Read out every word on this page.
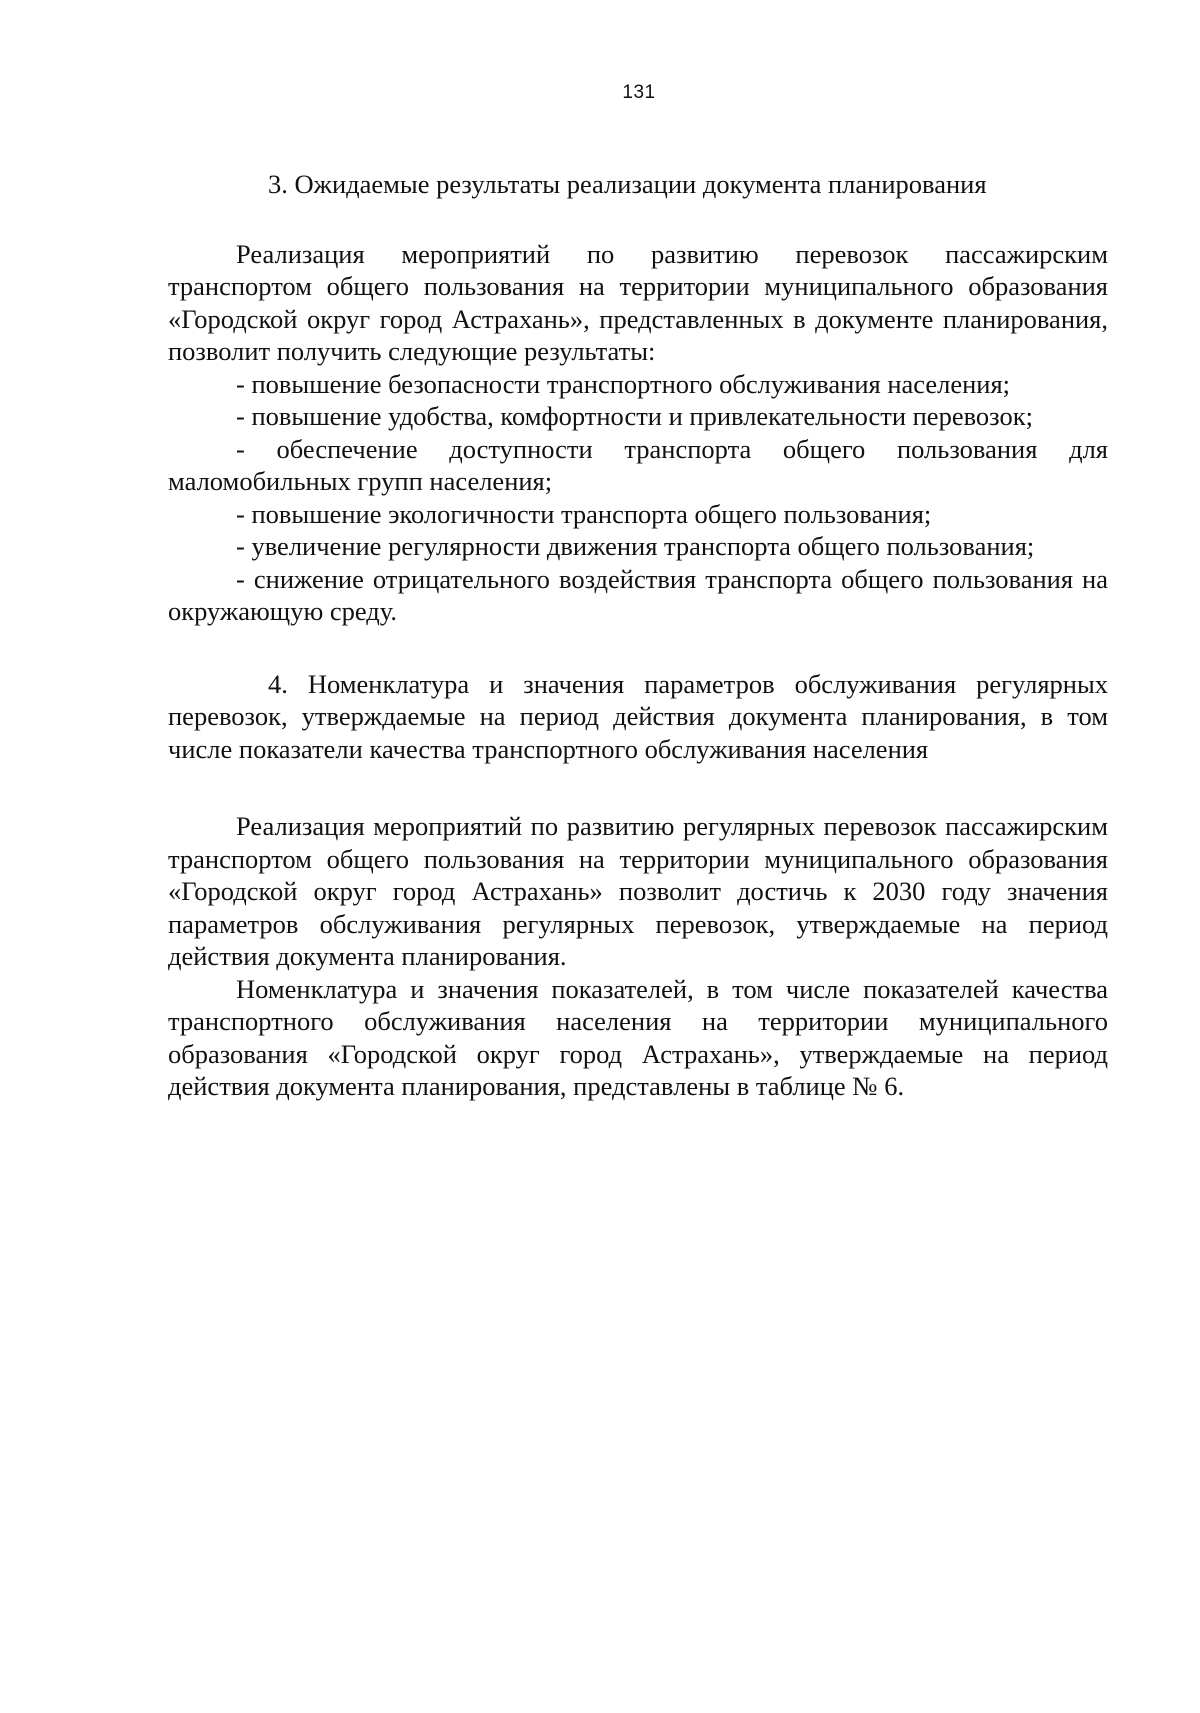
131
3. Ожидаемые результаты реализации документа планирования

Реализация мероприятий по развитию перевозок пассажирским транспортом общего пользования на территории муниципального образования «Городской округ город Астрахань», представленных в документе планирования, позволит получить следующие результаты:

- повышение безопасности транспортного обслуживания населения;

- повышение удобства, комфортности и привлекательности перевозок;

- обеспечение доступности транспорта общего пользования для маломобильных групп населения;

- повышение экологичности транспорта общего пользования;

- увеличение регулярности движения транспорта общего пользования;

- снижение отрицательного воздействия транспорта общего пользования на окружающую среду.

4. Номенклатура и значения параметров обслуживания регулярных перевозок, утверждаемые на период действия документа планирования, в том числе показатели качества транспортного обслуживания населения

Реализация мероприятий по развитию регулярных перевозок пассажирским транспортом общего пользования на территории муниципального образования «Городской округ город Астрахань» позволит достичь к 2030 году значения параметров обслуживания регулярных перевозок, утверждаемые на период действия документа планирования.

Номенклатура и значения показателей, в том числе показателей качества транспортного обслуживания населения на территории муниципального образования «Городской округ город Астрахань», утверждаемые на период действия документа планирования, представлены в таблице № 6.
